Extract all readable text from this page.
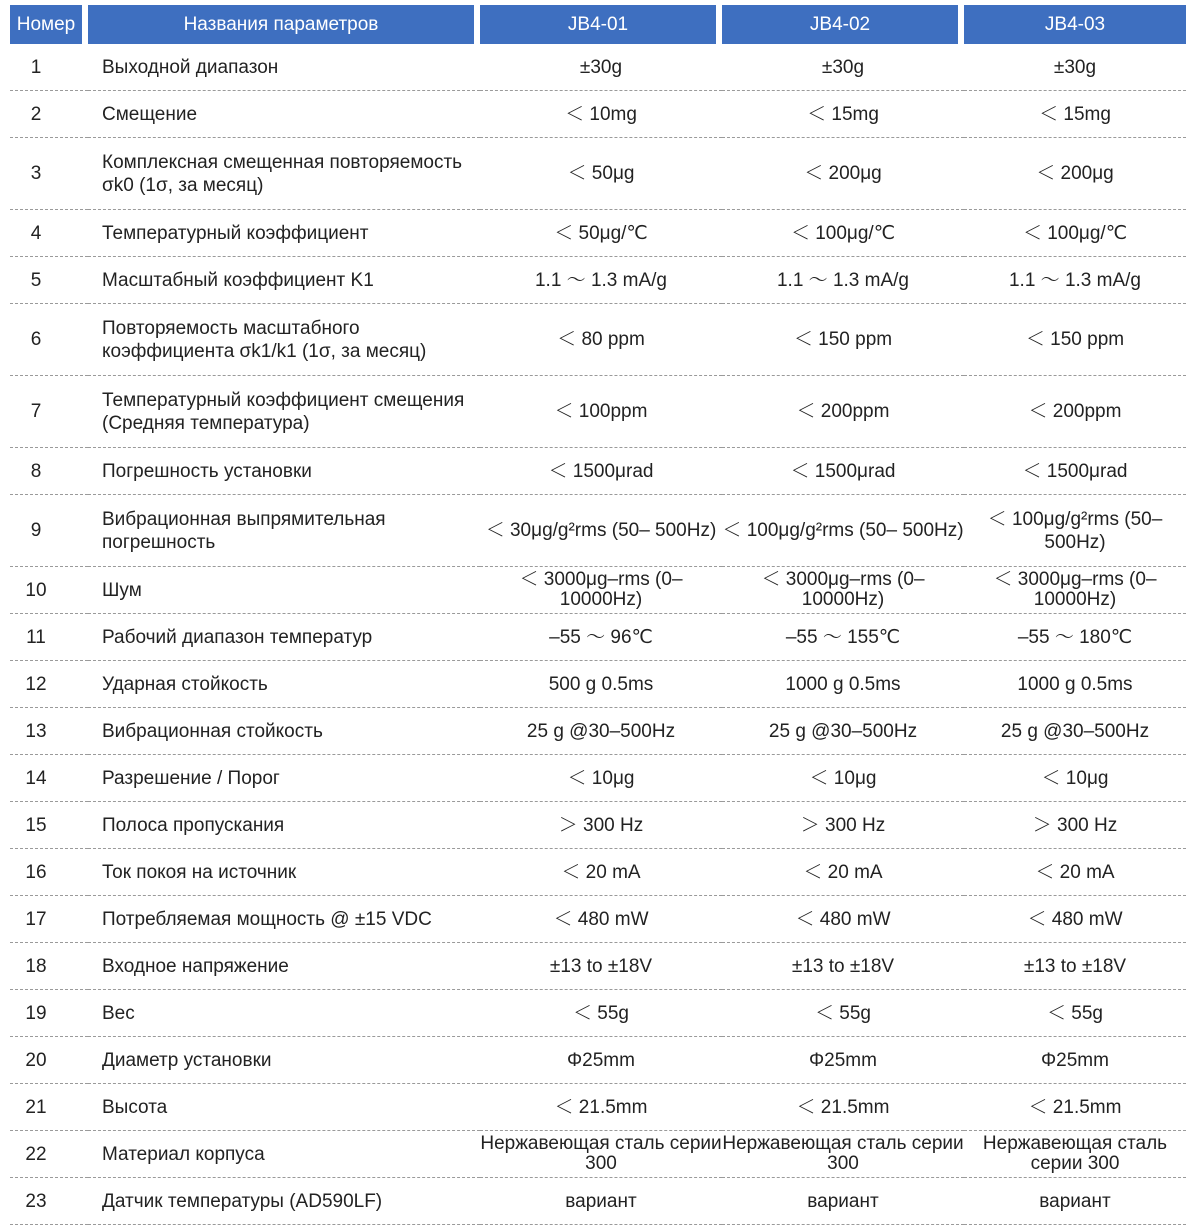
Номер	Названия параметров	JB4-01	JB4-02	JB4-03
1	Выходной диапазон	±30g	±30g	±30g
2	Смещение	＜ 10mg	＜ 15mg	＜ 15mg
3	Комплексная смещенная повторяемость σk0 (1σ, за месяц)	＜ 50μg	＜ 200μg	＜ 200μg
4	Температурный коэффициент	＜ 50μg/℃	＜ 100μg/℃	＜ 100μg/℃
5	Масштабный коэффициент K1	1.1 ～ 1.3 mA/g	1.1 ～ 1.3 mA/g	1.1 ～ 1.3 mA/g
6	Повторяемость масштабного коэффициента σk1/k1 (1σ, за месяц)	＜ 80 ppm	＜ 150 ppm	＜ 150 ppm
7	Температурный коэффициент смещения (Средняя температура)	＜ 100ppm	＜ 200ppm	＜ 200ppm
8	Погрешность установки	＜ 1500μrad	＜ 1500μrad	＜ 1500μrad
9	Вибрационная выпрямительная погрешность	＜ 30μg/g²rms (50– 500Hz)	＜ 100μg/g²rms (50– 500Hz)	＜ 100μg/g²rms (50– 500Hz)
10	Шум	＜ 3000μg–rms (0– 10000Hz)	＜ 3000μg–rms (0– 10000Hz)	＜ 3000μg–rms (0– 10000Hz)
11	Рабочий диапазон температур	–55 ～ 96℃	–55 ～ 155℃	–55 ～ 180℃
12	Ударная стойкость	500 g 0.5ms	1000 g 0.5ms	1000 g 0.5ms
13	Вибрационная стойкость	25 g @30–500Hz	25 g @30–500Hz	25 g @30–500Hz
14	Разрешение / Порог	＜ 10μg	＜ 10μg	＜ 10μg
15	Полоса пропускания	＞ 300 Hz	＞ 300 Hz	＞ 300 Hz
16	Ток покоя на источник	＜ 20 mA	＜ 20 mA	＜ 20 mA
17	Потребляемая мощность @ ±15 VDC	＜ 480 mW	＜ 480 mW	＜ 480 mW
18	Входное напряжение	±13 to ±18V	±13 to ±18V	±13 to ±18V
19	Вес	＜ 55g	＜ 55g	＜ 55g
20	Диаметр установки	Φ25mm	Φ25mm	Φ25mm
21	Высота	＜ 21.5mm	＜ 21.5mm	＜ 21.5mm
22	Материал корпуса	Нержавеющая сталь серии 300	Нержавеющая сталь серии 300	Нержавеющая сталь серии 300
23	Датчик температуры (AD590LF)	вариант	вариант	вариант
